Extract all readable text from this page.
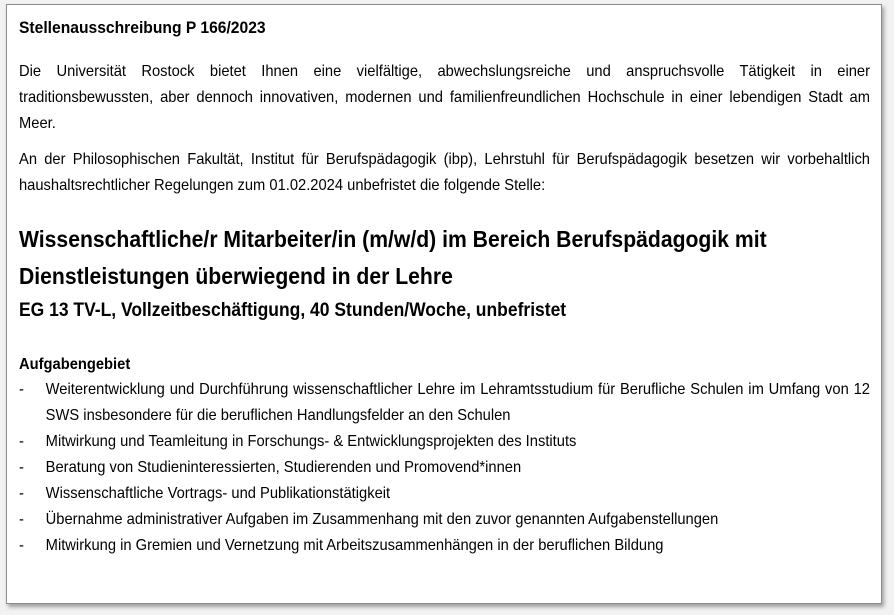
Stellenausschreibung P 166/2023

Die Universität Rostock bietet Ihnen eine vielfältige, abwechslungsreiche und anspruchsvolle Tätigkeit in einer traditionsbewussten, aber dennoch innovativen, modernen und familienfreundlichen Hochschule in einer lebendigen Stadt am Meer.

An der Philosophischen Fakultät, Institut für Berufspädagogik (ibp), Lehrstuhl für Berufspädagogik besetzen wir vorbehaltlich haushaltsrechtlicher Regelungen zum 01.02.2024 unbefristet die folgende Stelle:

Wissenschaftliche/r Mitarbeiter/in (m/w/d) im Bereich Berufspädagogik mit Dienstleistungen überwiegend in der Lehre

EG 13 TV-L, Vollzeitbeschäftigung, 40 Stunden/Woche, unbefristet

Aufgabengebiet

- Weiterentwicklung und Durchführung wissenschaftlicher Lehre im Lehramtsstudium für Berufliche Schulen im Umfang von 12 SWS insbesondere für die beruflichen Handlungsfelder an den Schulen
- Mitwirkung und Teamleitung in Forschungs- & Entwicklungsprojekten des Instituts
- Beratung von Studieninteressierten, Studierenden und Promovend*innen
- Wissenschaftliche Vortrags- und Publikationstätigkeit
- Übernahme administrativer Aufgaben im Zusammenhang mit den zuvor genannten Aufgabenstellungen
- Mitwirkung in Gremien und Vernetzung mit Arbeitszusammenhängen in der beruflichen Bildung
